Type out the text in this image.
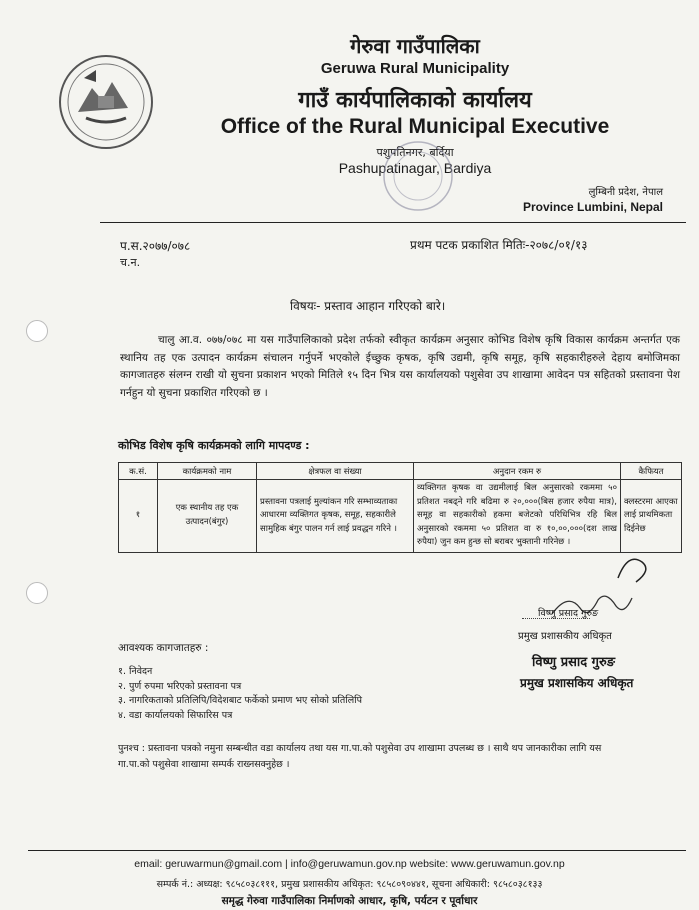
गेरुवा गाउँपालिका
Geruwa Rural Municipality
गाउँ कार्यपालिकाको कार्यालय
Office of the Rural Municipal Executive
पशुपतिनगर, बर्दिया
Pashupatinagar, Bardiya
लुम्बिनी प्रदेश, नेपाल
Province Lumbini, Nepal
प.स.२०७७/०७८
च.न.
प्रथम पटक प्रकाशित मितिः-२०७८/०१/१३
विषयः- प्रस्ताव आहान गरिएको बारे।
चालु आ.व. ०७७/०७८ मा यस गाउँपालिकाको प्रदेश तर्फको स्वीकृत कार्यक्रम अनुसार कोभिड विशेष कृषि विकास कार्यक्रम अन्तर्गत एक स्थानिय तह एक उत्पादन कार्यक्रम संचालन गर्नुपर्ने भएकोले ईच्छुक कृषक, कृषि उद्यमी, कृषि समूह, कृषि सहकारीहरुले देहाय बमोजिमका कागजातहरु संलग्न राखी यो सुचना प्रकाशन भएको मितिले १५ दिन भित्र यस कार्यालयको पशुसेवा उप शाखामा आवेदन पत्र सहितको प्रस्तावना पेश गर्नहुन यो सुचना प्रकाशित गरिएको छ ।
कोभिड विशेष कृषि कार्यक्रमको लागि मापदण्ड :
क.सं.	कार्यक्रमको नाम	क्षेत्रफल वा संख्या	अनुदान रकम रु	कैफियत
१	एक स्थानीय तह एक उत्पादन(बंगुर)	प्रस्तावना पत्रलाई मुल्यांकन गरि सम्भाव्यताका आधारमा व्यक्तिगत कृषक, समूह, सहकारीले सामुहिक बंगुर पालन गर्न लाई प्रवद्धन गरिने ।	व्यक्तिगत कृषक वा उद्यमीलाई बिल अनुसारको रकममा ५० प्रतिशत नबढ्ने गरि बढिमा रु २०,०००(बिस हजार रुपैया मात्र), समूह वा सहकारीको हकमा बजेटको परिधिभित्र रहि बिल अनुसारको रकममा ५० प्रतिशत वा रु १०,००,०००(दश लाख रुपैया) जुन कम हुन्छ सो बराबर भुक्तानी गरिनेछ ।	क्लस्टरमा आएका लाई प्राथमिकता दिईनेछ
विष्णु प्रसाद गुरुङ
प्रमुख प्रशासकीय अधिकृत
विष्णु प्रसाद गुरुङ
प्रमुख प्रशासकिय अधिकृत
आवश्यक कागजातहरु :
१. निवेदन
२. पुर्ण रुपमा भरिएको प्रस्तावना पत्र
३. नागरिकताको प्रतिलिपि/विदेशबाट फर्केको प्रमाण भए सोको प्रतिलिपि
४. वडा कार्यालयको सिफारिस पत्र
पुनश्च : प्रस्तावना पत्रको नमुना सम्बन्धीत वडा कार्यालय तथा यस गा.पा.को पशुसेवा उप शाखामा उपलब्ध छ । साथै थप जानकारीका लागि यस गा.पा.को पशुसेवा शाखामा सम्पर्क राख्नसक्नुहेछ ।
email: geruwarmun@gmail.com | info@geruwamun.gov.np website: www.geruwamun.gov.np
सम्पर्क नं.: अध्यक्ष: ९८५८०३८१११, प्रमुख प्रशासकीय अधिकृत: ९८५८०९०४४१, सूचना अधिकारी: ९८५८०३८१३३
समृद्ध गेरुवा गाउँपालिका निर्माणको आधार, कृषि, पर्यटन र पूर्वाधार
